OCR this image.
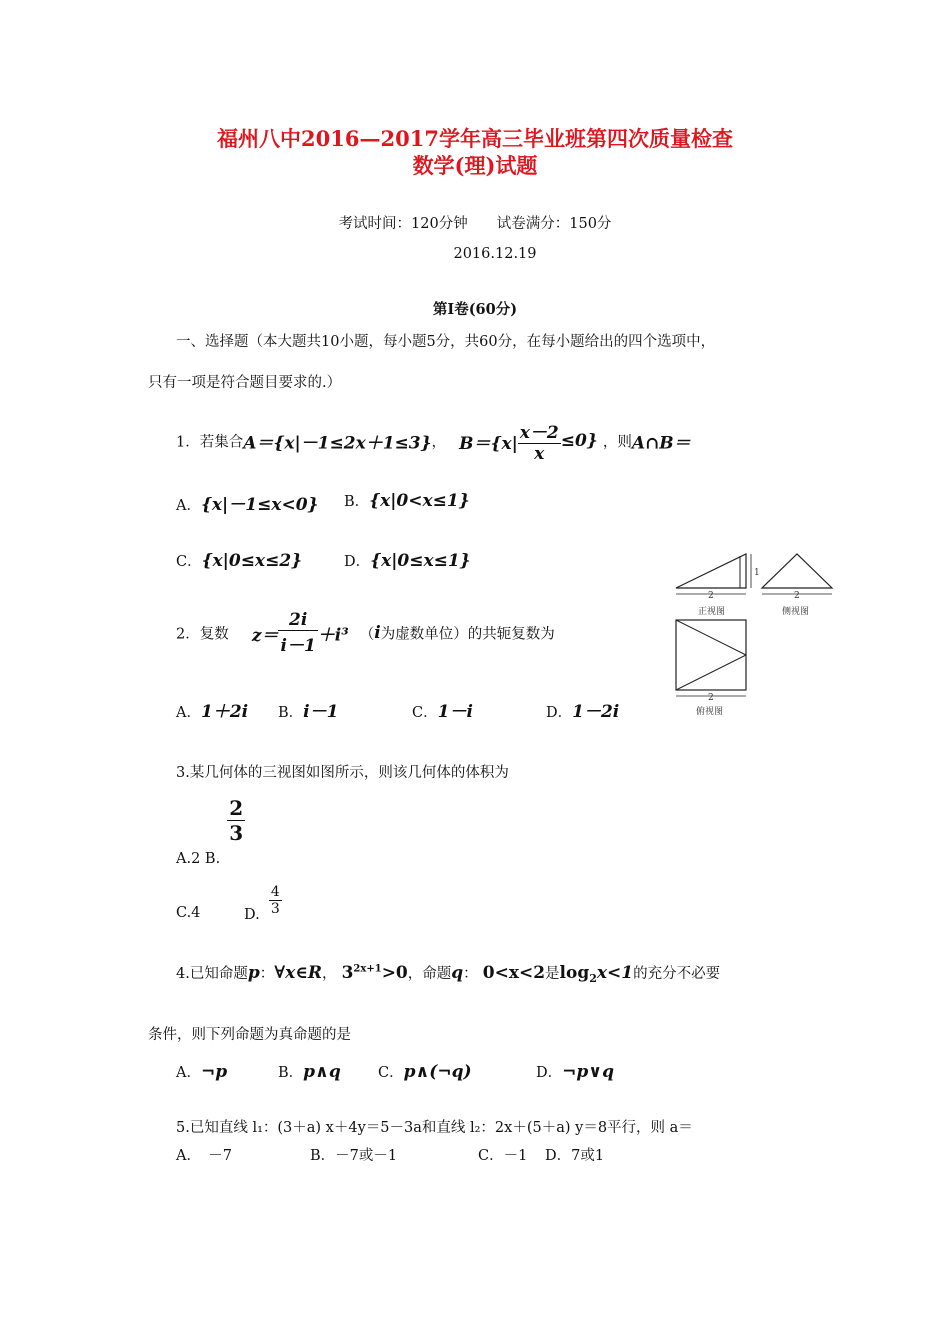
福州八中2016—2017学年高三毕业班第四次质量检查
数学(理)试题
考试时间：120分钟　　试卷满分：150分
2016.12.19
第Ⅰ卷(60分)
一、选择题（本大题共10小题，每小题5分，共60分，在每小题给出的四个选项中，
只有一项是符合题目要求的.）
1．若集合A＝{x|－1≤2x＋1≤3}， $B=\{x| \frac{x-2}{x} \le 0\}$ ，则A∩B＝
A．{x|－1≤x<0} B．{x|0<x≤1}
C．{x|0≤x≤2}	D．{x|0≤x≤1}
1
2
正视图
2
侧视图
2
俯视图
2．复数 $z= \frac{2i}{i-1} +i^3$ （i为虚数单位）的共轭复数为
A．1＋2i B．i－1	C．1－i	D．1－2i
3.某几何体的三视图如图所示，则该几何体的体积为
A.2 B.
$\frac{2}{3}$
C.4	D. $\frac{4}{3}$
4.已知命题p：∀x∈R， $3^{2x+1}>0$，命题q： 0<x<2是$\log_2x<1$的充分不必要
条件，则下列命题为真命题的是
A．¬p	B．p∧q	C．p∧(¬q)	D．¬p∨q
5.已知直线 l₁：(3＋a) x＋4y＝5－3a和直线 l₂：2x＋(5＋a) y＝8平行，则 a＝
A．　－7	B．－7或－1	C．－1 D．7或1
